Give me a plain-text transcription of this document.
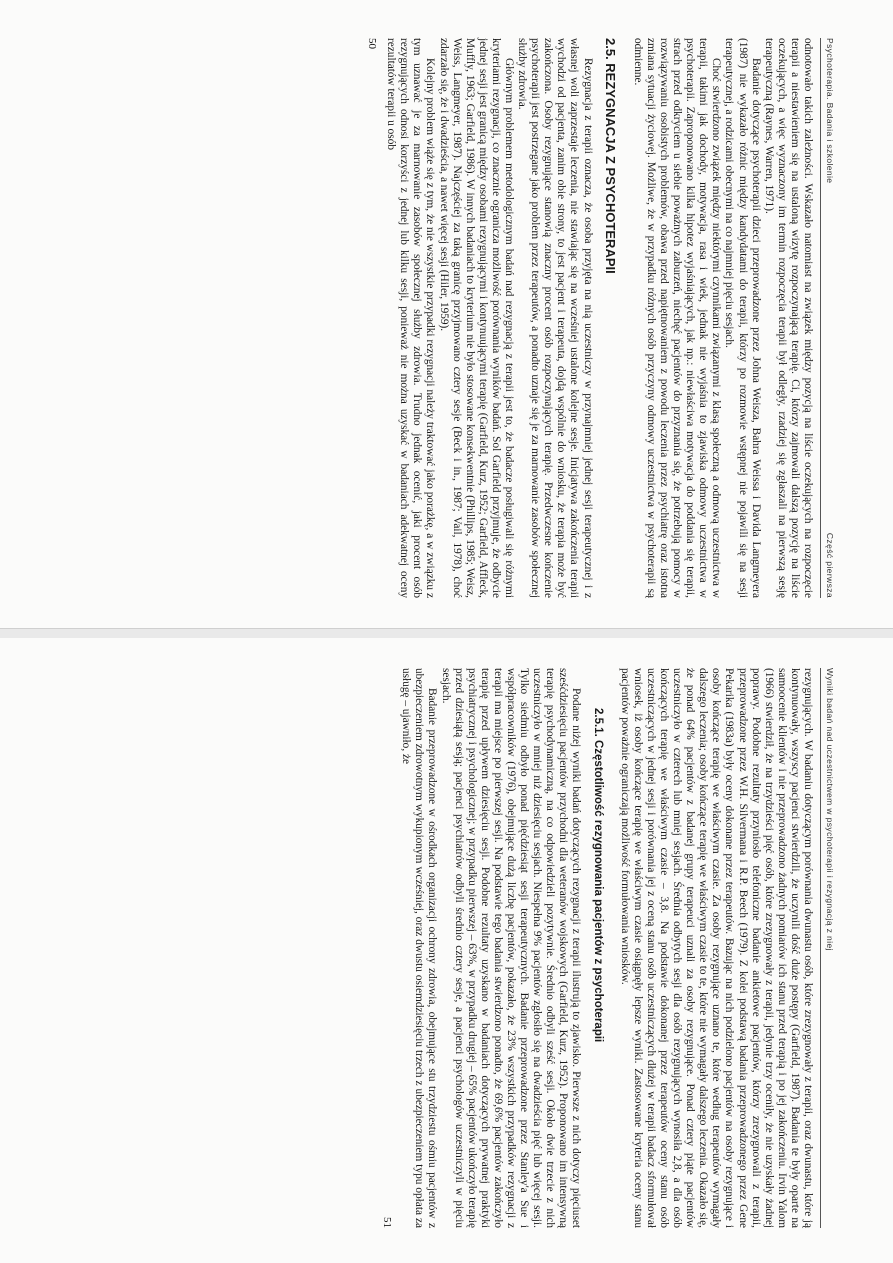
Psychoterapia. Badania i szkolenie
Część pierwsza

odnotowało takich zależności. Wskazało natomiast na związek między pozycją na liście oczekujących na rozpoczęcie terapii a niestawieniem się na ustaloną wizytę rozpoczynającą terapię. Ci, którzy zajmowali dalszą pozycję na liście oczekujących, a więc wyznaczony im termin rozpoczęcia terapii był odległy, rzadziej się zgłaszali na pierwszą sesję terapeutyczną (Raynes, Warren, 1971).

Badanie dotyczące psychoterapii dzieci przeprowadzone przez Johna Weisza, Bahra Weissa i Davida Langmeyera (1987) nie wykazało różnic między kandydatami do terapii, którzy po rozmowie wstępnej nie pojawili się na sesji terapeutycznej, a rodzicami obecnymi na co najmniej pięciu sesjach.

Choć stwierdzono związek między niektórymi czynnikami związanymi z klasą społeczną a odmową uczestnictwa w terapii, takimi jak dochody, motywacja, rasa i wiek, jednak nie wyjaśnia to zjawiska odmowy uczestnictwa w psychoterapii. Zaproponowano kilka hipotez wyjaśniających, jak np.: niewłaściwa motywacja do poddania się terapii, strach przed odkryciem u siebie poważnych zaburzeń, niechęć pacjentów do przyznania się, że potrzebują pomocy w rozwiązywaniu osobistych problemów, obawa przed napiętnowaniem z powodu leczenia przez psychiatrę oraz istotna zmiana sytuacji życiowej. Możliwe, że w przypadku różnych osób przyczyny odmowy uczestnictwa w psychoterapii są odmienne.

2.5. REZYGNACJA Z PSYCHOTERAPII

Rezygnacja z terapii oznacza, że osoba przyjęta na nią uczestniczy w przynajmniej jednej sesji terapeutycznej i z własnej woli zaprzestaje leczenia, nie stawiając się na wcześniej ustalone kolejne sesje. Inicjatywa zakończenia terapii wychodzi od pacjenta, zanim obie strony, to jest pacjent i terapeuta, dojdą wspólnie do wniosku, że terapia może być zakończona. Osoby rezygnujące stanowią znaczny procent osób rozpoczynających terapię. Przedwczesne kończenie psychoterapii jest postrzegane jako problem przez terapeutów, a ponadto uznaje się je za marnowanie zasobów społecznej służby zdrowia.

Głównym problemem metodologicznym badań nad rezygnacją z terapii jest to, że badacze posługiwali się różnymi kryteriami rezygnacji, co znacznie ogranicza możliwość porównania wyników badań. Sol Garfield przyjmuje, że odbycie jednej sesji jest granicą między osobami rezygnującymi i kontynuującymi terapię (Garfield, Kurz, 1952; Garfield, Affleck, Muffly, 1963; Garfield, 1986). W innych badaniach to kryterium nie było stosowane konsekwentnie (Phillips, 1985; Weisz, Weiss, Langmeyer, 1987). Najczęściej za taką granicę przyjmowano cztery sesje (Beck i in., 1987; Vail, 1978), choć zdarzało się, że i dwadzieścia, a nawet więcej sesji (Hiler, 1959).

Kolejny problem wiąże się z tym, że nie wszystkie przypadki rezygnacji należy traktować jako porażkę, a w związku z tym uznawać je za marnowanie zasobów społecznej służby zdrowia. Trudno jednak ocenić, jaki procent osób rezygnujących odnosi korzyści z jednej lub kilku sesji, ponieważ nie można uzyskać w badaniach adekwatnej oceny rezultatów terapii u osób

50
Wyniki badań nad uczestnictwem w psychoterapii i rezygnacją z niej

rezygnujących. W badaniu dotyczącym porównania dwunastu osób, które zrezygnowały z terapii, oraz dwunastu, które ją kontynuowały, wszyscy pacjenci stwierdzili, że uczynili dość duże postępy (Garfield, 1987). Badania te były oparte na samoocenie klientów i nie przeprowadzono żadnych pomiarów ich stanu przed terapią i po jej zakończeniu. Irvin Yalom (1966) stwierdził, że na trzydzieści pięć osób, które zrezygnowały z terapii, jedynie trzy oceniły, że nie uzyskały żadnej poprawy. Podobne rezultaty przyniosło telefoniczne badanie ankietowe pacjentów, którzy zrezygnowali z terapii, przeprowadzone przez W.H. Silvermana i R.P. Beech (1979). Z kolei podstawą badania przeprowadzonego przez Gene Pekarika (1983a) były oceny dokonane przez terapeutów. Bazując na nich podzielono pacjentów na osoby rezygnujące i osoby kończące terapię we właściwym czasie. Za osoby rezygnujące uznano te, które według terapeutów wymagały dalszego leczenia; osoby kończące terapię we właściwym czasie to te, które nie wymagały dalszego leczenia. Okazało się, że ponad 64% pacjentów z badanej grupy terapeuci uznali za osoby rezygnujące. Ponad cztery piąte pacjentów uczestniczyło w czterech lub mniej sesjach. Średnia odbytych sesji dla osób rezygnujących wynosiła 2,8, a dla osób kończących terapię we właściwym czasie – 3,8. Na podstawie dokonanej przez terapeutów oceny stanu osób uczestniczących w jednej sesji i porównania jej z oceną stanu osób uczestniczących dłużej w terapii badacz sformułował wniosek, iż osoby kończące terapię we właściwym czasie osiągnęły lepsze wyniki. Zastosowane kryteria oceny stanu pacjentów poważnie ograniczają możliwość formułowania wniosków.

2.5.1. Częstotliwość rezygnowania pacjentów z psychoterapii

Podane niżej wyniki badań dotyczących rezygnacji z terapii ilustrują to zjawisko. Pierwsze z nich dotyczy pięciuset sześćdziesięciu pacjentów przychodni dla weteranów wojskowych (Garfield, Kurz, 1952). Proponowano im intensywną terapię psychodynamiczną, na co odpowiedzieli pozytywnie. Średnio odbyli sześć sesji. Około dwie trzecie z nich uczestniczyło w mniej niż dziesięciu sesjach. Niespełna 9% pacjentów zgłosiło się na dwadzieścia pięć lub więcej sesji. Tylko siedmiu odbyło ponad pięćdziesiąt sesji terapeutycznych. Badanie przeprowadzone przez Stanley'a Sue i współpracowników (1976), obejmujące dużą liczbę pacjentów, pokazało, że 23% wszystkich przypadków rezygnacji z terapii ma miejsce po pierwszej sesji. Na podstawie tego badania stwierdzono ponadto, że 69,6% pacjentów zakończyło terapię przed upływem dziesięciu sesji. Podobne rezultaty uzyskano w badaniach dotyczących prywatnej praktyki psychiatrycznej i psychologicznej; w przypadku pierwszej – 63%, w przypadku drugiej – 65% pacjentów ukończyło terapię przed dziesiątą sesją; pacjenci psychiatrów odbyli średnio cztery sesje, a pacjenci psychologów uczestniczyli w pięciu sesjach.

Badanie przeprowadzone w ośrodkach organizacji ochrony zdrowia, obejmujące stu trzydziestu ośmiu pacjentów z ubezpieczeniem zdrowotnym wykupionym wcześniej, oraz dwustu osiemdziesięciu trzech z ubezpieczeniem typu opłata za usługę – ujawniło, że

51
